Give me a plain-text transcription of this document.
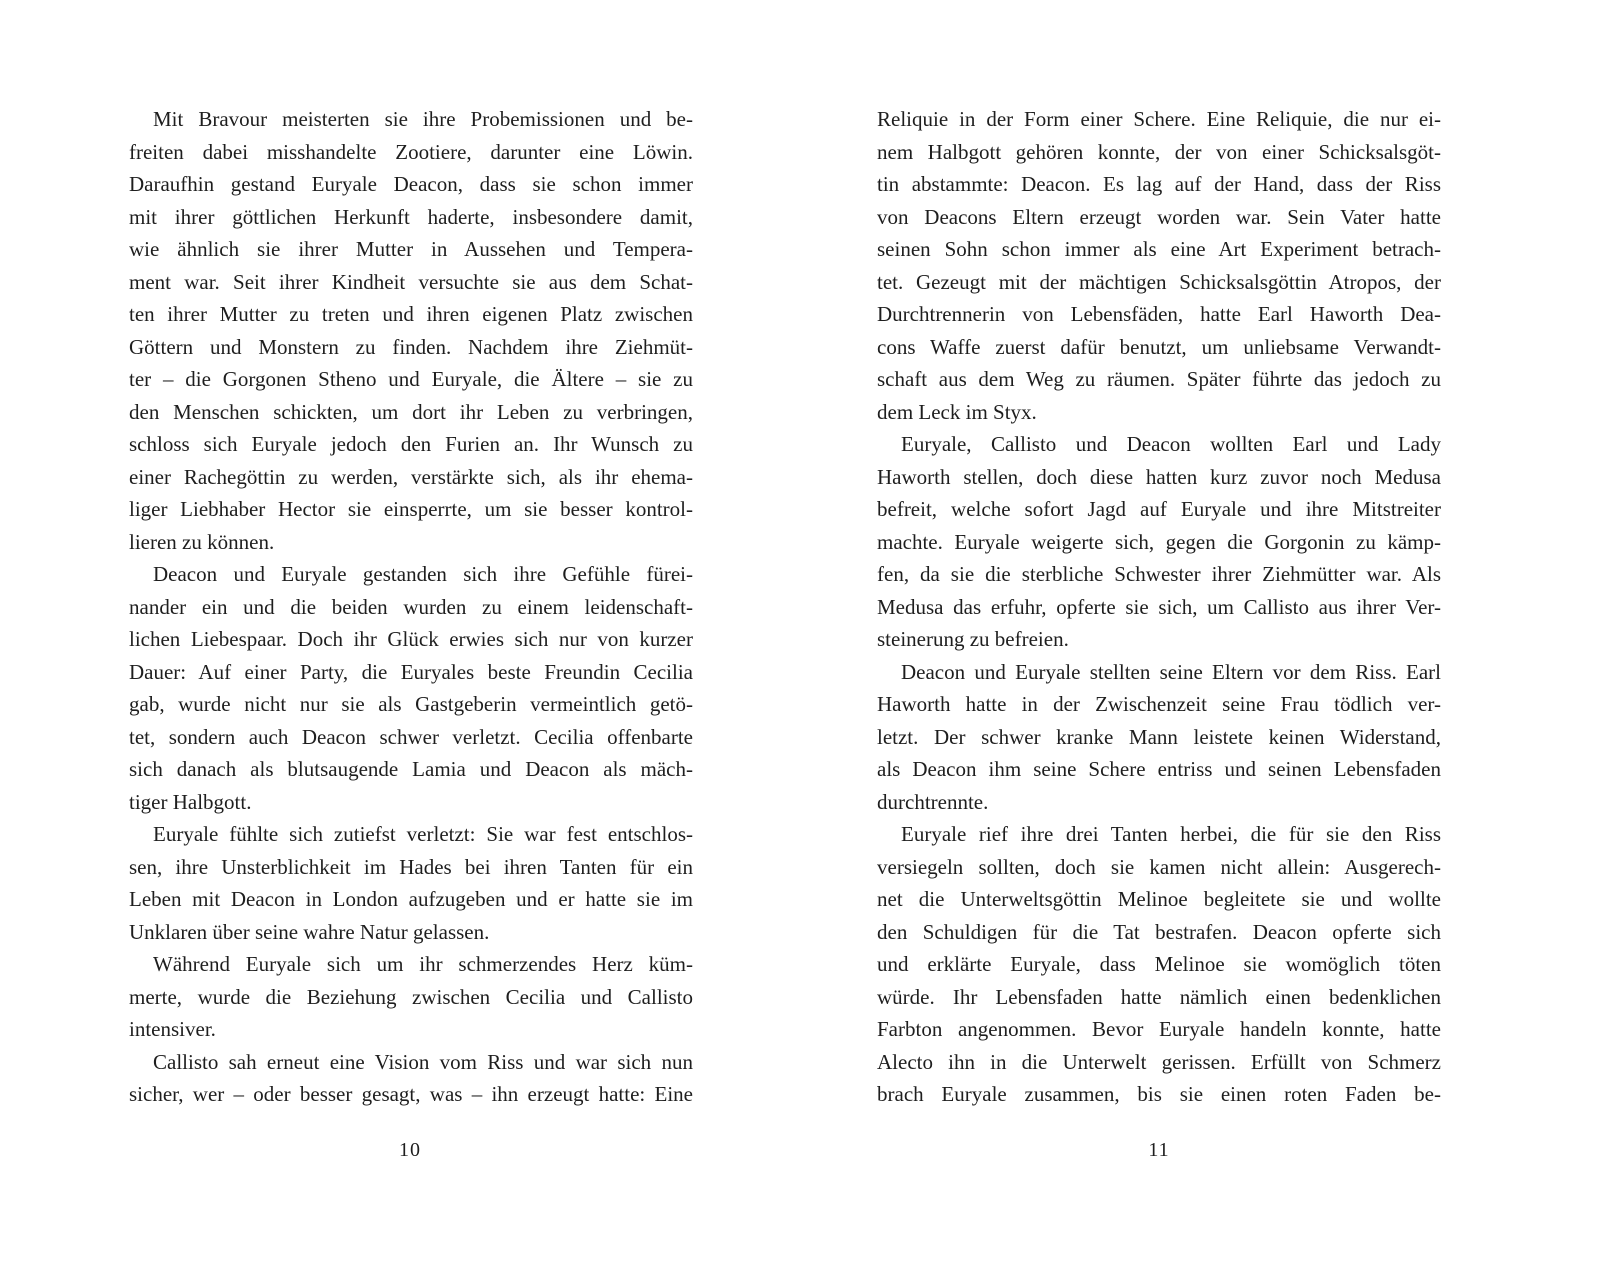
Mit Bravour meisterten sie ihre Probemissionen und be-
freiten dabei misshandelte Zootiere, darunter eine Löwin.
Daraufhin gestand Euryale Deacon, dass sie schon immer
mit ihrer göttlichen Herkunft haderte, insbesondere damit,
wie ähnlich sie ihrer Mutter in Aussehen und Tempera-
ment war. Seit ihrer Kindheit versuchte sie aus dem Schat-
ten ihrer Mutter zu treten und ihren eigenen Platz zwischen
Göttern und Monstern zu finden. Nachdem ihre Ziehmüt-
ter – die Gorgonen Stheno und Euryale, die Ältere – sie zu
den Menschen schickten, um dort ihr Leben zu verbringen,
schloss sich Euryale jedoch den Furien an. Ihr Wunsch zu
einer Rachegöttin zu werden, verstärkte sich, als ihr ehema-
liger Liebhaber Hector sie einsperrte, um sie besser kontrol-
lieren zu können.
Deacon und Euryale gestanden sich ihre Gefühle fürei-
nander ein und die beiden wurden zu einem leidenschaft-
lichen Liebespaar. Doch ihr Glück erwies sich nur von kurzer
Dauer: Auf einer Party, die Euryales beste Freundin Cecilia
gab, wurde nicht nur sie als Gastgeberin vermeintlich getö-
tet, sondern auch Deacon schwer verletzt. Cecilia offenbarte
sich danach als blutsaugende Lamia und Deacon als mäch-
tiger Halbgott.
Euryale fühlte sich zutiefst verletzt: Sie war fest entschlos-
sen, ihre Unsterblichkeit im Hades bei ihren Tanten für ein
Leben mit Deacon in London aufzugeben und er hatte sie im
Unklaren über seine wahre Natur gelassen.
Während Euryale sich um ihr schmerzendes Herz küm-
merte, wurde die Beziehung zwischen Cecilia und Callisto
intensiver.
Callisto sah erneut eine Vision vom Riss und war sich nun
sicher, wer – oder besser gesagt, was – ihn erzeugt hatte: Eine
Reliquie in der Form einer Schere. Eine Reliquie, die nur ei-
nem Halbgott gehören konnte, der von einer Schicksalsgöt-
tin abstammte: Deacon. Es lag auf der Hand, dass der Riss
von Deacons Eltern erzeugt worden war. Sein Vater hatte
seinen Sohn schon immer als eine Art Experiment betrach-
tet. Gezeugt mit der mächtigen Schicksalsgöttin Atropos, der
Durchtrennerin von Lebensfäden, hatte Earl Haworth Dea-
cons Waffe zuerst dafür benutzt, um unliebsame Verwandt-
schaft aus dem Weg zu räumen. Später führte das jedoch zu
dem Leck im Styx.
Euryale, Callisto und Deacon wollten Earl und Lady
Haworth stellen, doch diese hatten kurz zuvor noch Medusa
befreit, welche sofort Jagd auf Euryale und ihre Mitstreiter
machte. Euryale weigerte sich, gegen die Gorgonin zu kämp-
fen, da sie die sterbliche Schwester ihrer Ziehmütter war. Als
Medusa das erfuhr, opferte sie sich, um Callisto aus ihrer Ver-
steinerung zu befreien.
Deacon und Euryale stellten seine Eltern vor dem Riss. Earl
Haworth hatte in der Zwischenzeit seine Frau tödlich ver-
letzt. Der schwer kranke Mann leistete keinen Widerstand,
als Deacon ihm seine Schere entriss und seinen Lebensfaden
durchtrennte.
Euryale rief ihre drei Tanten herbei, die für sie den Riss
versiegeln sollten, doch sie kamen nicht allein: Ausgerech-
net die Unterweltsgöttin Melinoe begleitete sie und wollte
den Schuldigen für die Tat bestrafen. Deacon opferte sich
und erklärte Euryale, dass Melinoe sie womöglich töten
würde. Ihr Lebensfaden hatte nämlich einen bedenklichen
Farbton angenommen. Bevor Euryale handeln konnte, hatte
Alecto ihn in die Unterwelt gerissen. Erfüllt von Schmerz
brach Euryale zusammen, bis sie einen roten Faden be-
10	11
